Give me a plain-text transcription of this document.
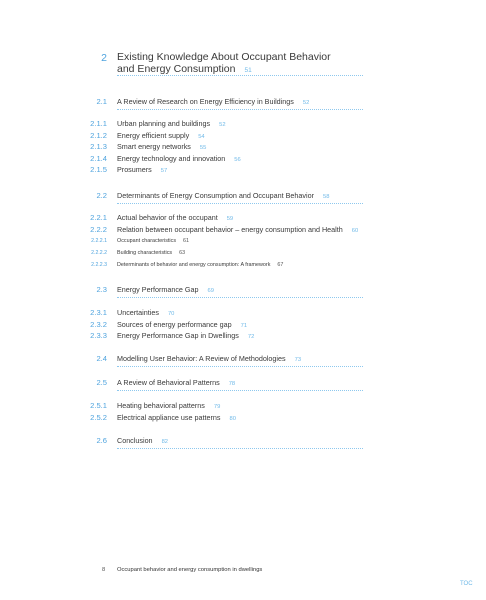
2 Existing Knowledge About Occupant Behavior
and Energy Consumption 51
2.1 A Review of Research on Energy Efficiency in Buildings 52
2.1.1 Urban planning and buildings 52
2.1.2 Energy efficient supply 54
2.1.3 Smart energy networks 55
2.1.4 Energy technology and innovation 56
2.1.5 Prosumers 57
2.2 Determinants of Energy Consumption and Occupant Behavior 58
2.2.1 Actual behavior of the occupant 59
2.2.2 Relation between occupant behavior – energy consumption and Health 60
2.2.2.1 Occupant characteristics 61
2.2.2.2 Building characteristics 63
2.2.2.3 Determinants of behavior and energy consumption: A framework 67
2.3 Energy Performance Gap 69
2.3.1 Uncertainties 70
2.3.2 Sources of energy performance gap 71
2.3.3 Energy Performance Gap in Dwellings 72
2.4 Modelling User Behavior: A Review of Methodologies 73
2.5 A Review of Behavioral Patterns 78
2.5.1 Heating behavioral patterns 79
2.5.2 Electrical appliance use patterns 80
2.6 Conclusion 82
8 Occupant behavior and energy consumption in dwellings
TOC
